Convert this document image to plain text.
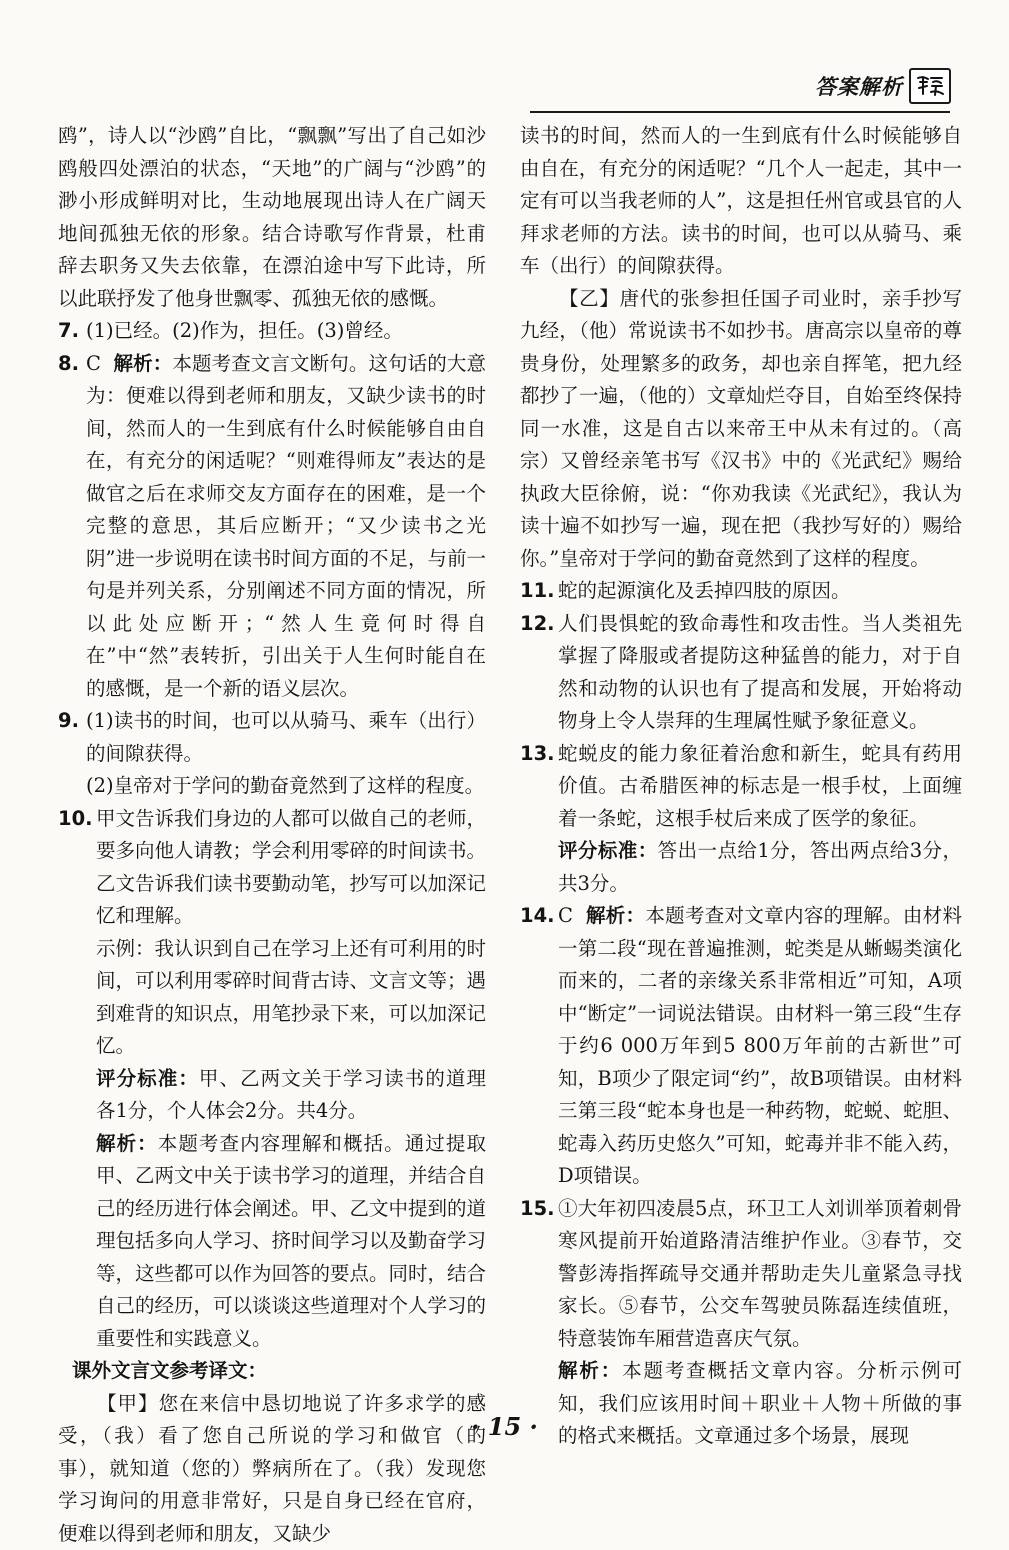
答案解析

鸥”，诗人以“沙鸥”自比，“飘飘”写出了自己如沙鸥般四处漂泊的状态，“天地”的广阔与“沙鸥”的渺小形成鲜明对比，生动地展现出诗人在广阔天地间孤独无依的形象。结合诗歌写作背景，杜甫辞去职务又失去依靠，在漂泊途中写下此诗，所以此联抒发了他身世飘零、孤独无依的感慨。

7. (1)已经。(2)作为，担任。(3)曾经。

8. C 解析：本题考查文言文断句。这句话的大意为：便难以得到老师和朋友，又缺少读书的时间，然而人的一生到底有什么时候能够自由自在，有充分的闲适呢？“则难得师友”表达的是做官之后在求师交友方面存在的困难，是一个完整的意思，其后应断开；“又少读书之光阴”进一步说明在读书时间方面的不足，与前一句是并列关系，分别阐述不同方面的情况，所以此处应断开；“然人生竟何时得自在”中“然”表转折，引出关于人生何时能自在的感慨，是一个新的语义层次。

9. (1)读书的时间，也可以从骑马、乘车（出行）的间隙获得。

(2)皇帝对于学问的勤奋竟然到了这样的程度。

10. 甲文告诉我们身边的人都可以做自己的老师，要多向他人请教；学会利用零碎的时间读书。乙文告诉我们读书要勤动笔，抄写可以加深记忆和理解。

示例：我认识到自己在学习上还有可利用的时间，可以利用零碎时间背古诗、文言文等；遇到难背的知识点，用笔抄录下来，可以加深记忆。

评分标准：甲、乙两文关于学习读书的道理各1分，个人体会2分。共4分。

解析：本题考查内容理解和概括。通过提取甲、乙两文中关于读书学习的道理，并结合自己的经历进行体会阐述。甲、乙文中提到的道理包括多向人学习、挤时间学习以及勤奋学习等，这些都可以作为回答的要点。同时，结合自己的经历，可以谈谈这些道理对个人学习的重要性和实践意义。

课外文言文参考译文：

【甲】您在来信中恳切地说了许多求学的感受，（我）看了您自己所说的学习和做官（的事），就知道（您的）弊病所在了。（我）发现您学习询问的用意非常好，只是自身已经在官府，便难以得到老师和朋友，又缺少

读书的时间，然而人的一生到底有什么时候能够自由自在，有充分的闲适呢？“几个人一起走，其中一定有可以当我老师的人”，这是担任州官或县官的人拜求老师的方法。读书的时间，也可以从骑马、乘车（出行）的间隙获得。

【乙】唐代的张参担任国子司业时，亲手抄写九经，（他）常说读书不如抄书。唐高宗以皇帝的尊贵身份，处理繁多的政务，却也亲自挥笔，把九经都抄了一遍，（他的）文章灿烂夺目，自始至终保持同一水准，这是自古以来帝王中从未有过的。（高宗）又曾经亲笔书写《汉书》中的《光武纪》赐给执政大臣徐俯，说：“你劝我读《光武纪》，我认为读十遍不如抄写一遍，现在把（我抄写好的）赐给你。”皇帝对于学问的勤奋竟然到了这样的程度。

11. 蛇的起源演化及丢掉四肢的原因。

12. 人们畏惧蛇的致命毒性和攻击性。当人类祖先掌握了降服或者提防这种猛兽的能力，对于自然和动物的认识也有了提高和发展，开始将动物身上令人崇拜的生理属性赋予象征意义。

13. 蛇蜕皮的能力象征着治愈和新生，蛇具有药用价值。古希腊医神的标志是一根手杖，上面缠着一条蛇，这根手杖后来成了医学的象征。

评分标准：答出一点给1分，答出两点给3分，共3分。

14. C 解析：本题考查对文章内容的理解。由材料一第二段“现在普遍推测，蛇类是从蜥蜴类演化而来的，二者的亲缘关系非常相近”可知，A项中“断定”一词说法错误。由材料一第三段“生存于约6 000万年到5 800万年前的古新世”可知，B项少了限定词“约”，故B项错误。由材料三第三段“蛇本身也是一种药物，蛇蜕、蛇胆、蛇毒入药历史悠久”可知，蛇毒并非不能入药，D项错误。

15. ①大年初四凌晨5点，环卫工人刘训举顶着刺骨寒风提前开始道路清洁维护作业。③春节，交警彭涛指挥疏导交通并帮助走失儿童紧急寻找家长。⑤春节，公交车驾驶员陈磊连续值班，特意装饰车厢营造喜庆气氛。

解析：本题考查概括文章内容。分析示例可知，我们应该用时间＋职业＋人物＋所做的事的格式来概括。文章通过多个场景，展现

· 15 ·
